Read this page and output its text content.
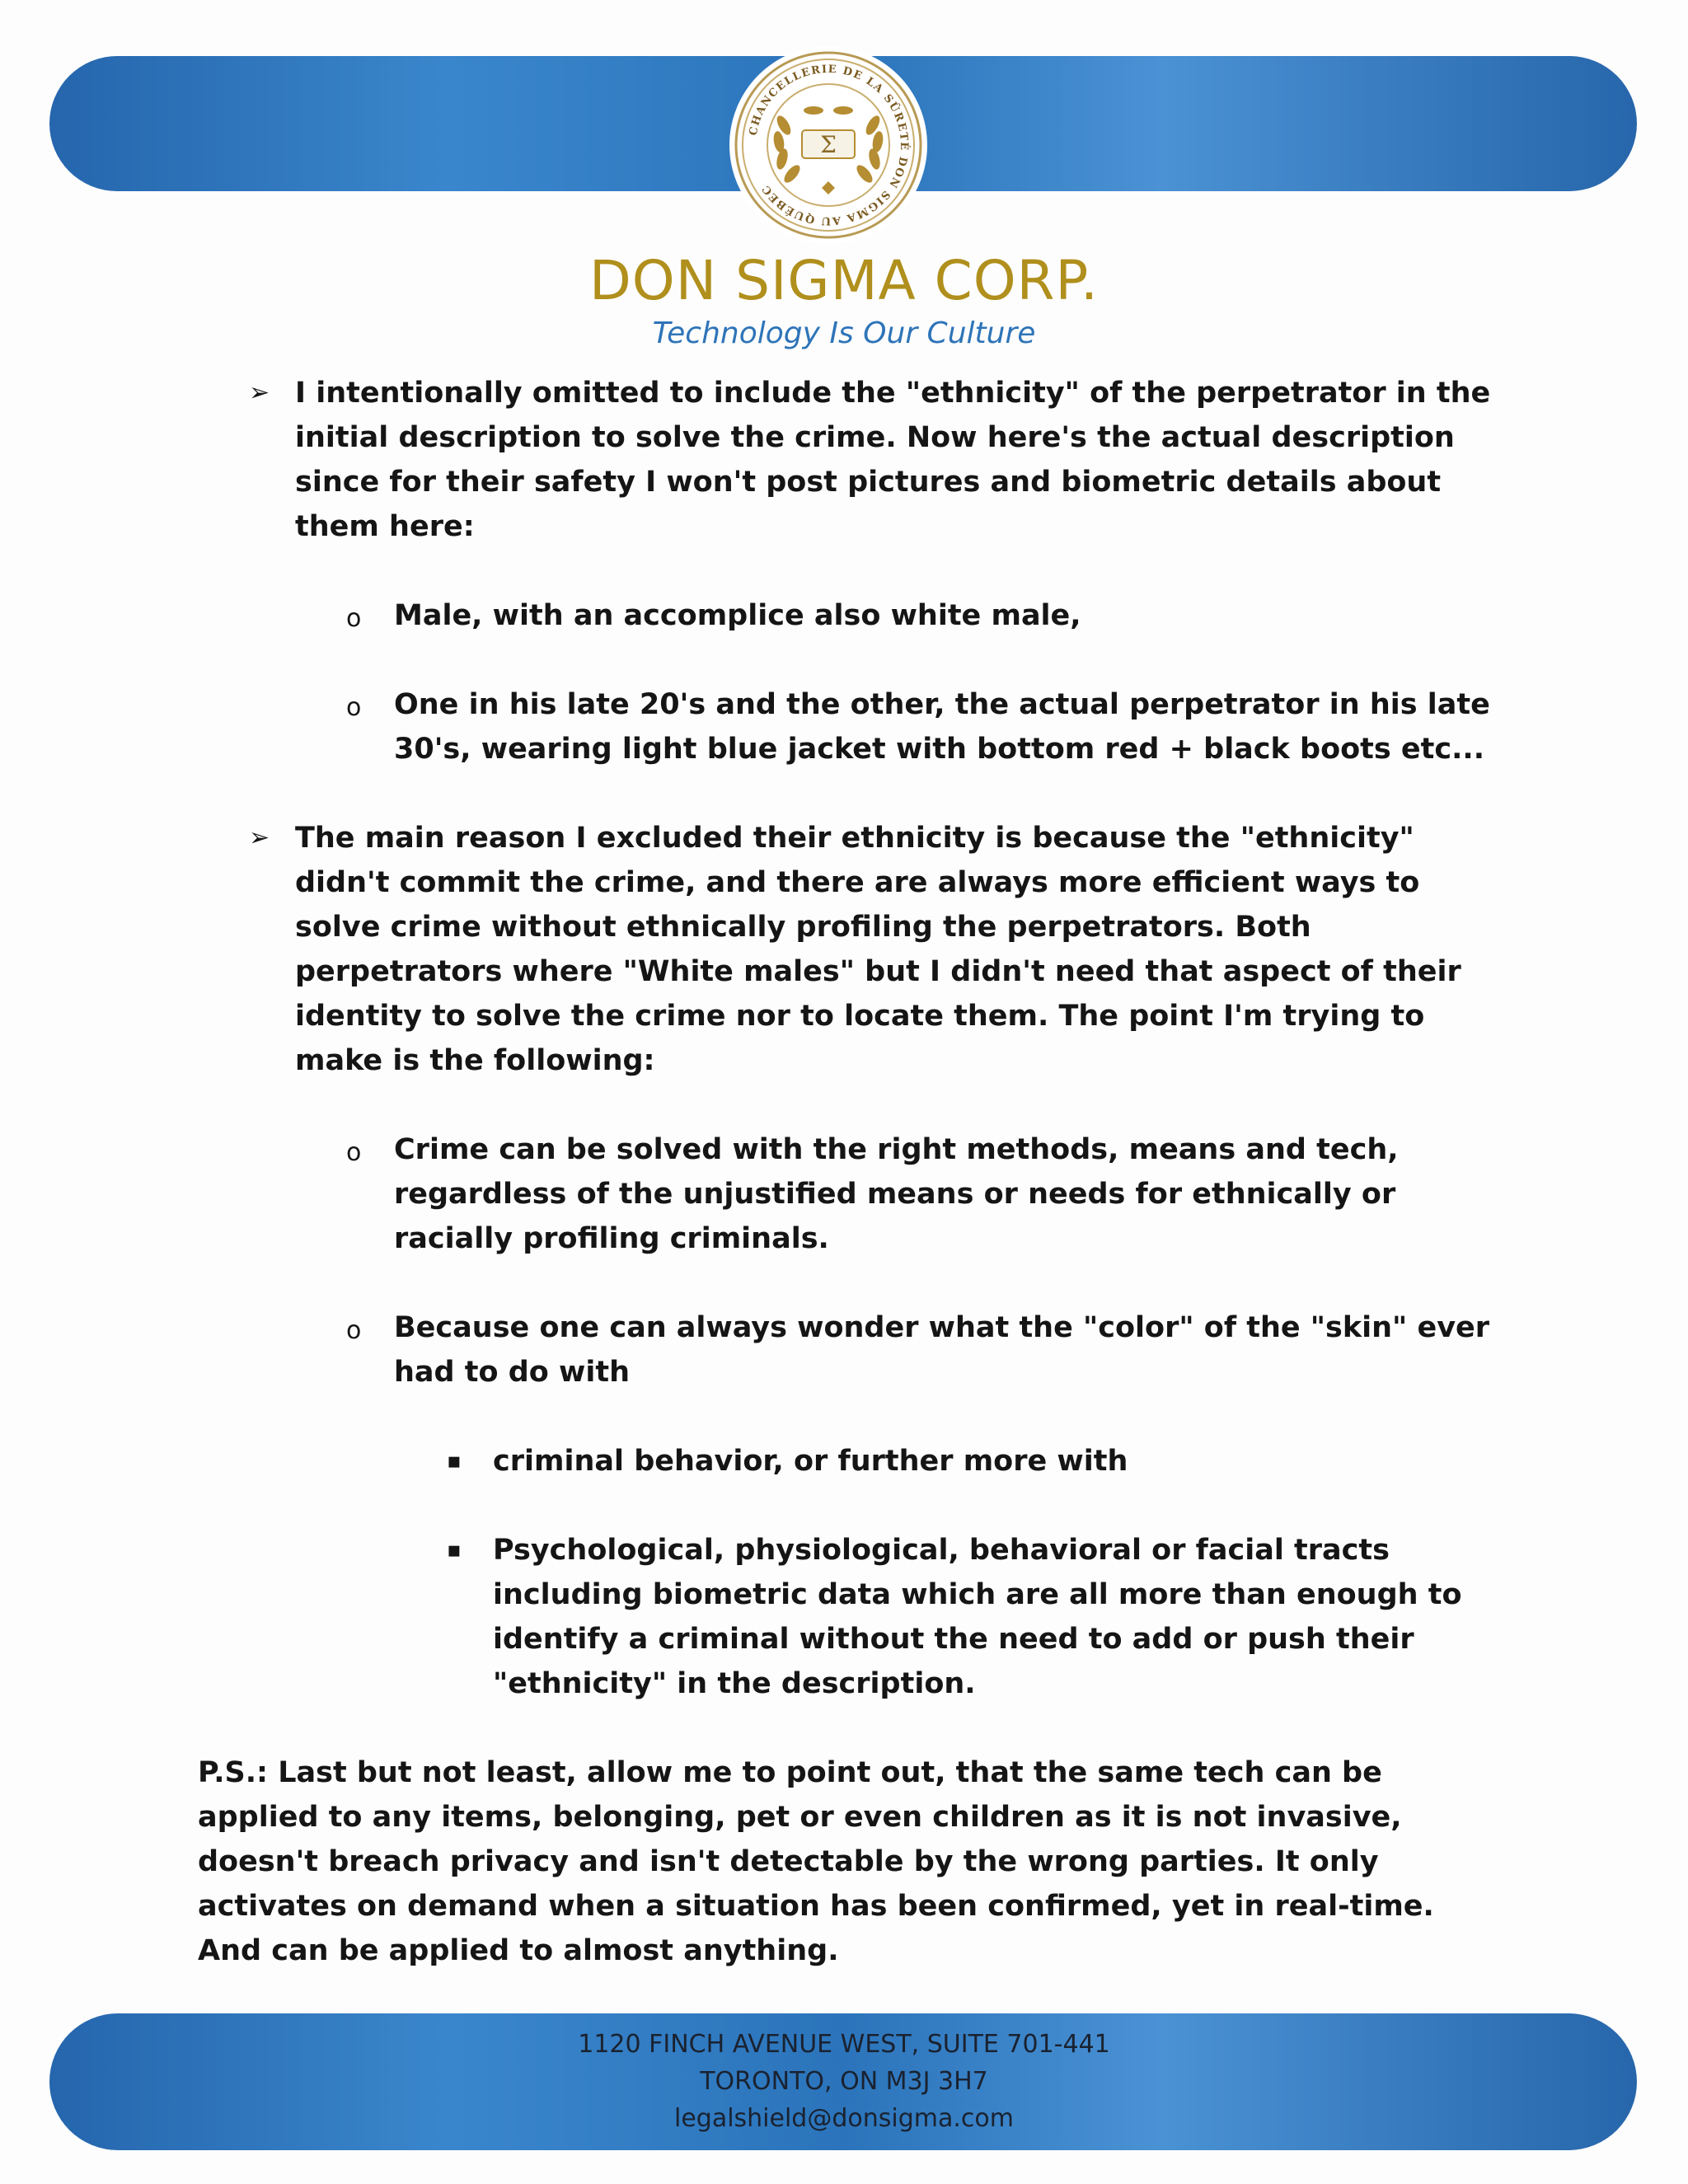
CHANCELLERIE DE LA SÛRETÉ DON SIGMA AU QUÉBEC
Σ
DON SIGMA CORP.
Technology Is Our Culture
➢ I intentionally omitted to include the "ethnicity" of the perpetrator in the initial description to solve the crime. Now here's the actual description since for their safety I won't post pictures and biometric details about them here:
o Male, with an accomplice also white male,
o One in his late 20's and the other, the actual perpetrator in his late 30's, wearing light blue jacket with bottom red + black boots etc...
➢ The main reason I excluded their ethnicity is because the "ethnicity" didn't commit the crime, and there are always more efficient ways to solve crime without ethnically profiling the perpetrators. Both perpetrators where "White males" but I didn't need that aspect of their identity to solve the crime nor to locate them. The point I'm trying to make is the following:
o Crime can be solved with the right methods, means and tech, regardless of the unjustified means or needs for ethnically or racially profiling criminals.
o Because one can always wonder what the "color" of the "skin" ever had to do with
▪ criminal behavior, or further more with
▪ Psychological, physiological, behavioral or facial tracts including biometric data which are all more than enough to identify a criminal without the need to add or push their "ethnicity" in the description.
P.S.: Last but not least, allow me to point out, that the same tech can be applied to any items, belonging, pet or even children as it is not invasive, doesn't breach privacy and isn't detectable by the wrong parties. It only activates on demand when a situation has been confirmed, yet in real-time. And can be applied to almost anything.
1120 FINCH AVENUE WEST, SUITE 701-441
TORONTO, ON M3J 3H7
legalshield@donsigma.com
